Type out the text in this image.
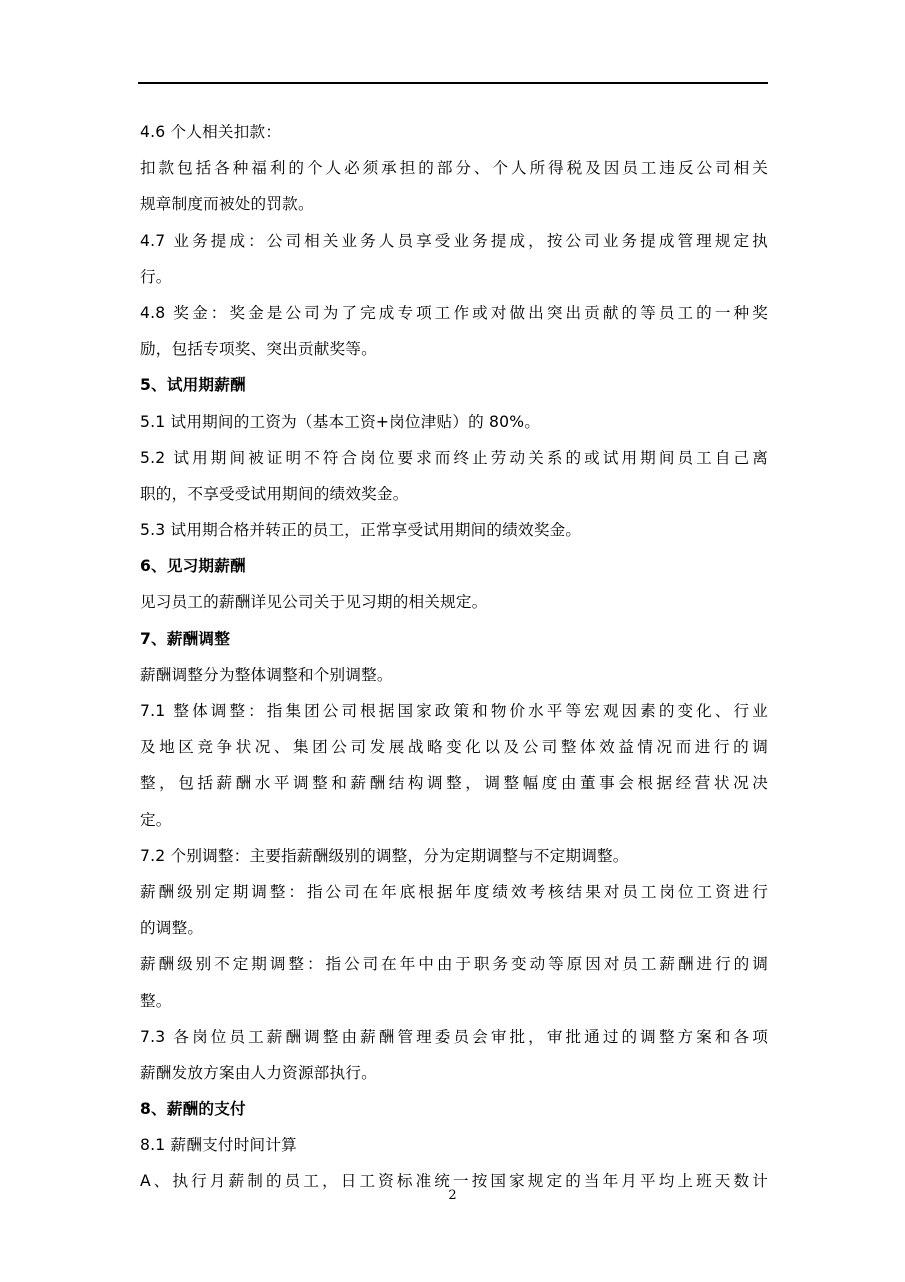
4.6 个人相关扣款：
扣款包括各种福利的个人必须承担的部分、个人所得税及因员工违反公司相关
规章制度而被处的罚款。
4.7 业务提成：公司相关业务人员享受业务提成，按公司业务提成管理规定执
行。
4.8 奖金：奖金是公司为了完成专项工作或对做出突出贡献的等员工的一种奖
励，包括专项奖、突出贡献奖等。
5、试用期薪酬
5.1 试用期间的工资为（基本工资+岗位津贴）的 80%。
5.2 试用期间被证明不符合岗位要求而终止劳动关系的或试用期间员工自己离
职的，不享受受试用期间的绩效奖金。
5.3 试用期合格并转正的员工，正常享受试用期间的绩效奖金。
6、见习期薪酬
见习员工的薪酬详见公司关于见习期的相关规定。
7、薪酬调整
薪酬调整分为整体调整和个别调整。
7.1 整体调整：指集团公司根据国家政策和物价水平等宏观因素的变化、行业
及地区竞争状况、集团公司发展战略变化以及公司整体效益情况而进行的调
整，包括薪酬水平调整和薪酬结构调整，调整幅度由董事会根据经营状况决
定。
7.2 个别调整：主要指薪酬级别的调整，分为定期调整与不定期调整。
薪酬级别定期调整：指公司在年底根据年度绩效考核结果对员工岗位工资进行
的调整。
薪酬级别不定期调整：指公司在年中由于职务变动等原因对员工薪酬进行的调
整。
7.3 各岗位员工薪酬调整由薪酬管理委员会审批，审批通过的调整方案和各项
薪酬发放方案由人力资源部执行。
8、薪酬的支付
8.1 薪酬支付时间计算
A、执行月薪制的员工，日工资标准统一按国家规定的当年月平均上班天数计
2
